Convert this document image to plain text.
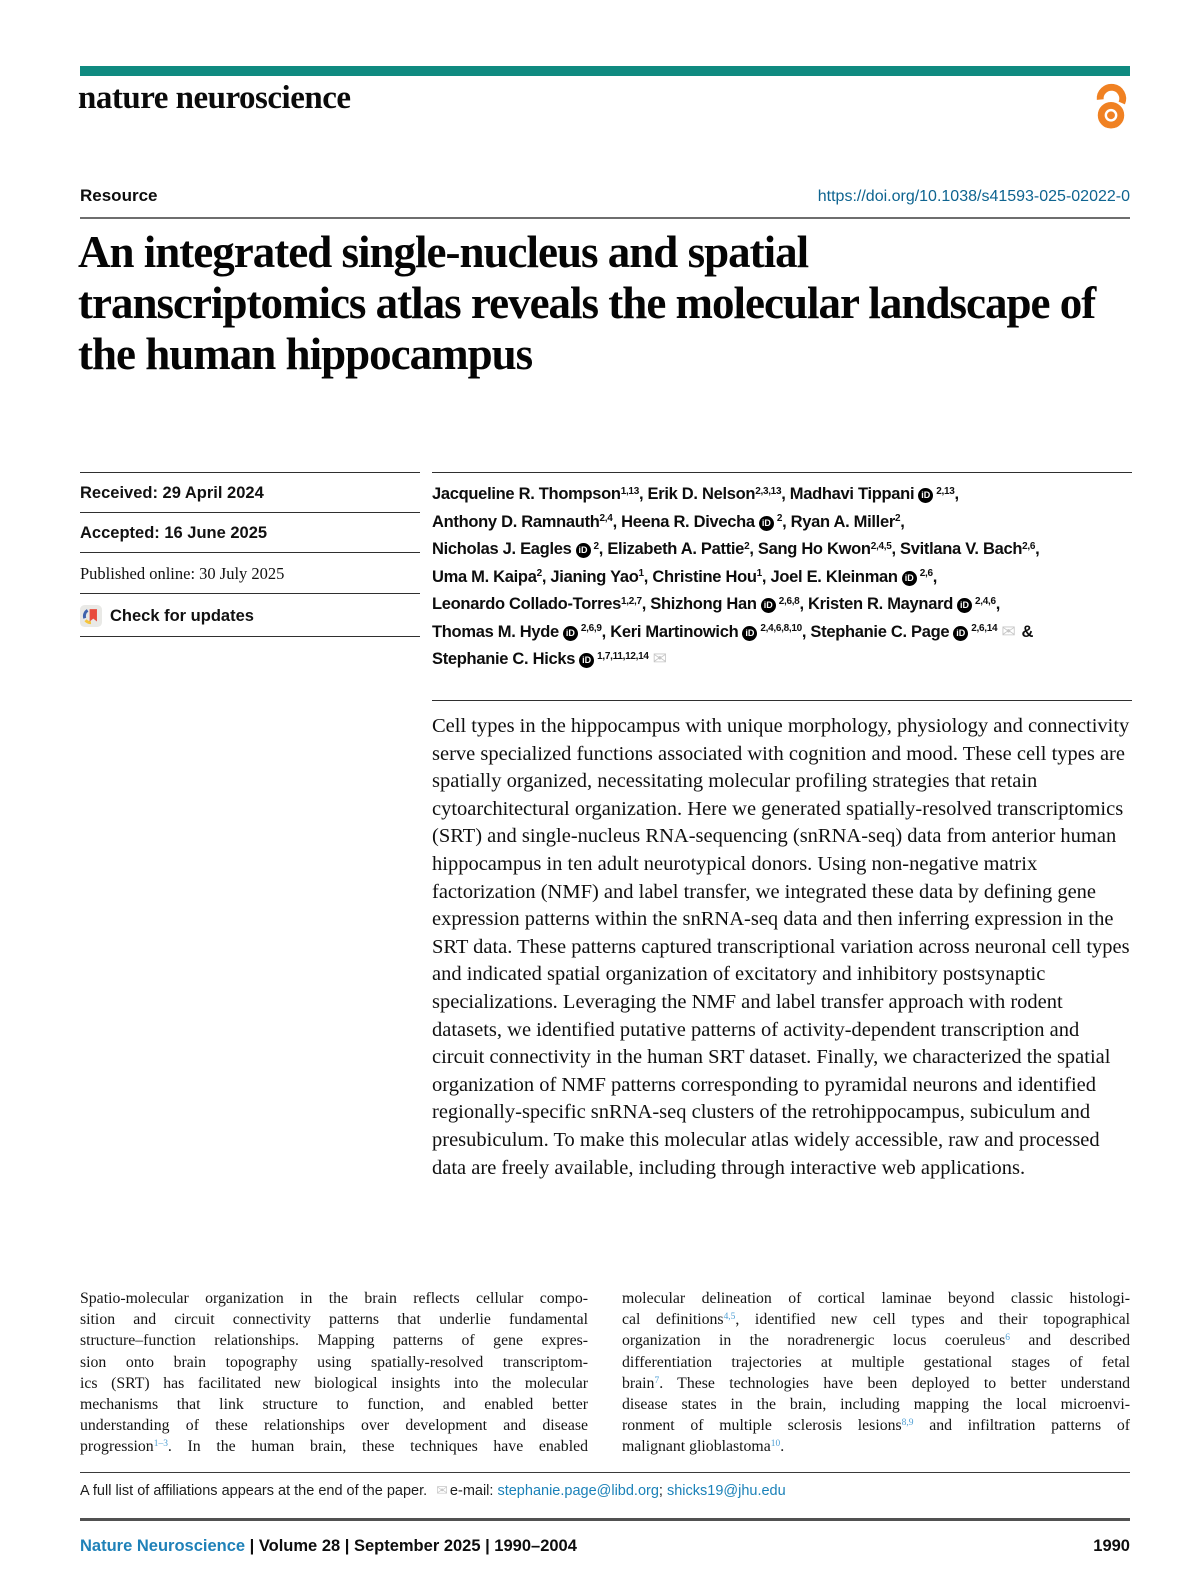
nature neuroscience
Resource	https://doi.org/10.1038/s41593-025-02022-0
An integrated single-nucleus and spatial transcriptomics atlas reveals the molecular landscape of the human hippocampus
Received: 29 April 2024
Accepted: 16 June 2025
Published online: 30 July 2025
Check for updates
Jacqueline R. Thompson$^{1,13}$, Erik D. Nelson$^{2,3,13}$, Madhavi Tippani iD $^{2,13}$,
Anthony D. Ramnauth$^{2,4}$, Heena R. Divecha iD $^2$, Ryan A. Miller$^2$,
Nicholas J. Eagles iD $^2$, Elizabeth A. Pattie$^2$, Sang Ho Kwon$^{2,4,5}$, Svitlana V. Bach$^{2,6}$,
Uma M. Kaipa$^2$, Jianing Yao$^1$, Christine Hou$^1$, Joel E. Kleinman iD $^{2,6}$,
Leonardo Collado-Torres$^{1,2,7}$, Shizhong Han iD $^{2,6,8}$, Kristen R. Maynard iD $^{2,4,6}$,
Thomas M. Hyde iD $^{2,6,9}$, Keri Martinowich iD $^{2,4,6,8,10}$, Stephanie C. Page iD $^{2,6,14}$ ✉ &
Stephanie C. Hicks iD $^{1,7,11,12,14}$ ✉
Cell types in the hippocampus with unique morphology, physiology and connectivity serve specialized functions associated with cognition and mood. These cell types are spatially organized, necessitating molecular profiling strategies that retain cytoarchitectural organization. Here we generated spatially-resolved transcriptomics (SRT) and single-nucleus RNA-sequencing (snRNA-seq) data from anterior human hippocampus in ten adult neurotypical donors. Using non-negative matrix factorization (NMF) and label transfer, we integrated these data by defining gene expression patterns within the snRNA-seq data and then inferring expression in the SRT data. These patterns captured transcriptional variation across neuronal cell types and indicated spatial organization of excitatory and inhibitory postsynaptic specializations. Leveraging the NMF and label transfer approach with rodent datasets, we identified putative patterns of activity-dependent transcription and circuit connectivity in the human SRT dataset. Finally, we characterized the spatial organization of NMF patterns corresponding to pyramidal neurons and identified regionally-specific snRNA-seq clusters of the retrohippocampus, subiculum and presubiculum. To make this molecular atlas widely accessible, raw and processed data are freely available, including through interactive web applications.
Spatio-molecular organization in the brain reflects cellular compo-
sition and circuit connectivity patterns that underlie fundamental
structure–function relationships. Mapping patterns of gene expres-
sion onto brain topography using spatially-resolved transcriptom-
ics (SRT) has facilitated new biological insights into the molecular
mechanisms that link structure to function, and enabled better
understanding of these relationships over development and disease
progression$^{1-3}$. In the human brain, these techniques have enabled
molecular delineation of cortical laminae beyond classic histologi-
cal definitions$^{4,5}$, identified new cell types and their topographical
organization in the noradrenergic locus coeruleus$^6$ and described
differentiation trajectories at multiple gestational stages of fetal
brain$^7$. These technologies have been deployed to better understand
disease states in the brain, including mapping the local microenvi-
ronment of multiple sclerosis lesions$^{8,9}$ and infiltration patterns of
malignant glioblastoma$^{10}$.
A full list of affiliations appears at the end of the paper. ✉ e-mail: stephanie.page@libd.org; shicks19@jhu.edu
Nature Neuroscience | Volume 28 | September 2025 | 1990–2004	1990
